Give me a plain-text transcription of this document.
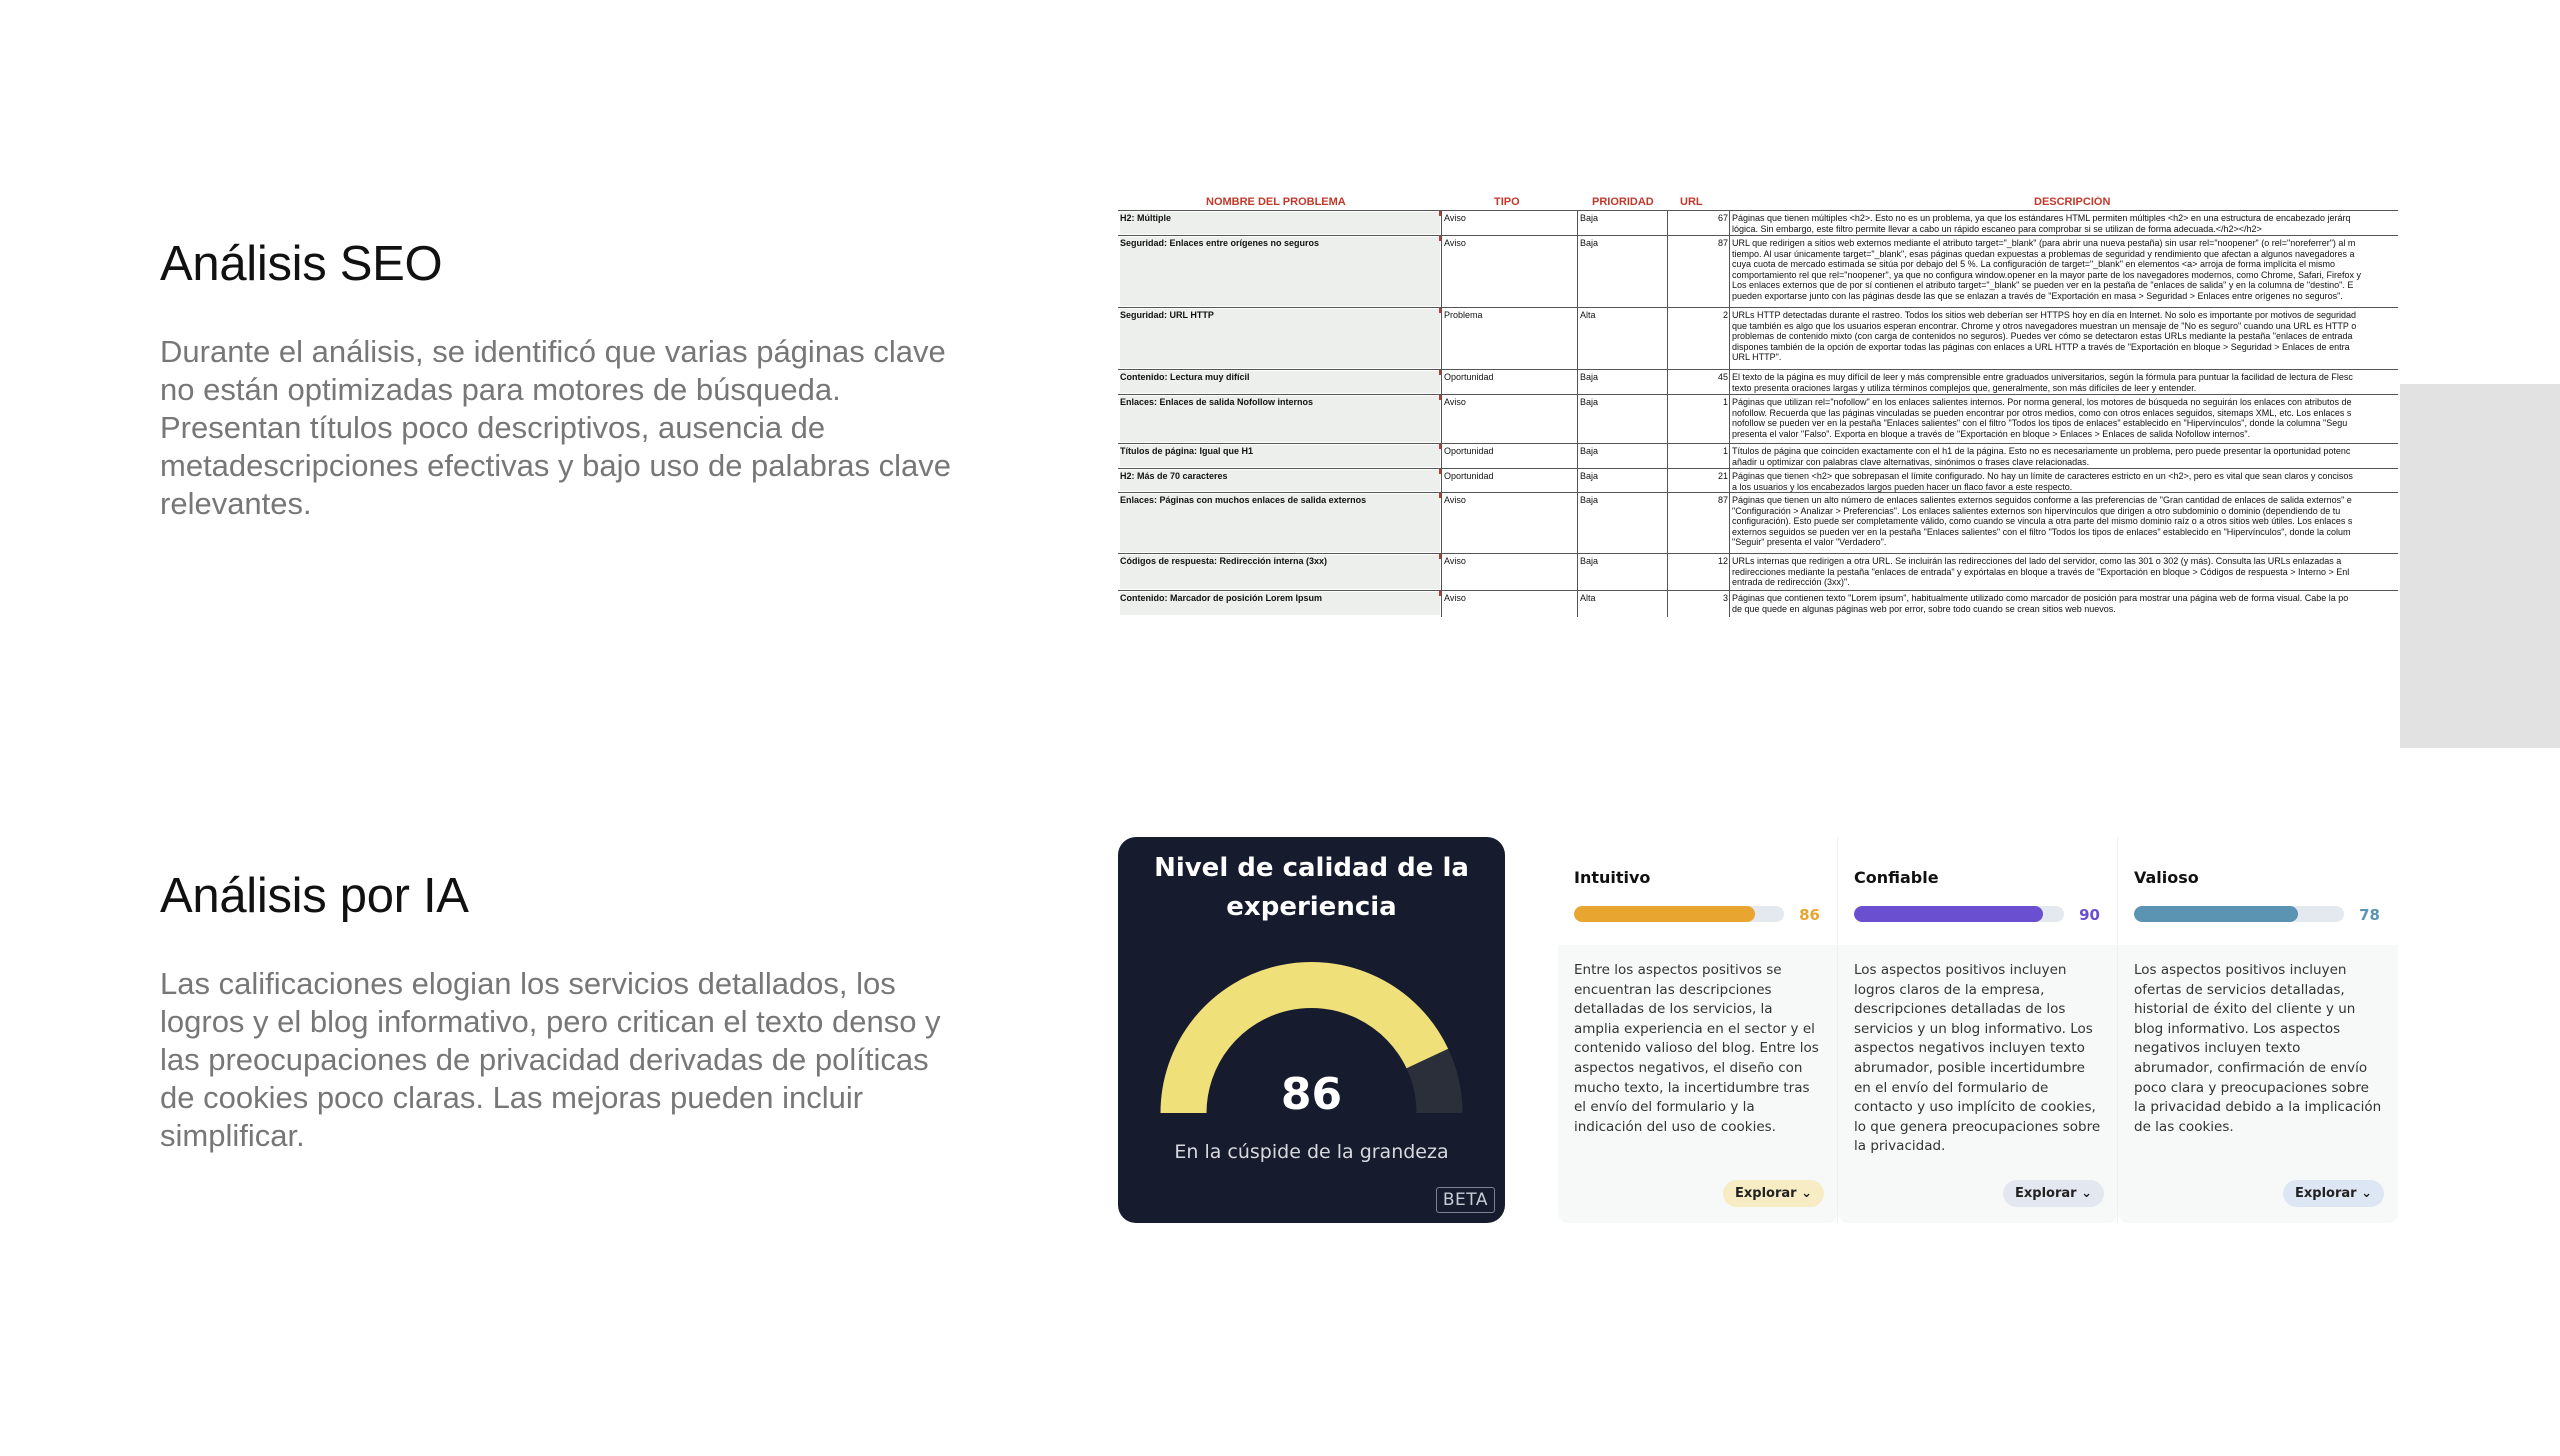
Análisis SEO

Durante el análisis, se identificó que varias páginas clave no están optimizadas para motores de búsqueda. Presentan títulos poco descriptivos, ausencia de metadescripciones efectivas y bajo uso de palabras clave relevantes.

NOMBRE DEL PROBLEMA	TIPO	PRIORIDAD URL	DESCRIPCIÓN
H2: Múltiple	Aviso	Baja	67 Páginas que tienen múltiples <h2>. Esto no es un problema, ya que los estándares HTML permiten múltiples <h2> en una estructura de encabezado jerárq
lógica. Sin embargo, este filtro permite llevar a cabo un rápido escaneo para comprobar si se utilizan de forma adecuada.</h2></h2>
Seguridad: Enlaces entre orígenes no seguros	Aviso	Baja	87 URL que redirigen a sitios web externos mediante el atributo target="_blank" (para abrir una nueva pestaña) sin usar rel="noopener" (o rel="noreferrer") al m
tiempo. Al usar únicamente target="_blank", esas páginas quedan expuestas a problemas de seguridad y rendimiento que afectan a algunos navegadores a
cuya cuota de mercado estimada se sitúa por debajo del 5 %. La configuración de target="_blank" en elementos <a> arroja de forma implícita el mismo
comportamiento rel que rel="noopener", ya que no configura window.opener en la mayor parte de los navegadores modernos, como Chrome, Safari, Firefox y
Los enlaces externos que de por sí contienen el atributo target="_blank" se pueden ver en la pestaña de "enlaces de salida" y en la columna de "destino". E
pueden exportarse junto con las páginas desde las que se enlazan a través de "Exportación en masa > Seguridad > Enlaces entre orígenes no seguros".
Seguridad: URL HTTP	Problema	Alta	2 URLs HTTP detectadas durante el rastreo. Todos los sitios web deberían ser HTTPS hoy en día en Internet. No solo es importante por motivos de seguridad
que también es algo que los usuarios esperan encontrar. Chrome y otros navegadores muestran un mensaje de "No es seguro" cuando una URL es HTTP o
problemas de contenido mixto (con carga de contenidos no seguros). Puedes ver cómo se detectaron estas URLs mediante la pestaña "enlaces de entrada
dispones también de la opción de exportar todas las páginas con enlaces a URL HTTP a través de "Exportación en bloque > Seguridad > Enlaces de entra
URL HTTP".
Contenido: Lectura muy difícil	Oportunidad	Baja	45 El texto de la página es muy difícil de leer y más comprensible entre graduados universitarios, según la fórmula para puntuar la facilidad de lectura de Flesc
texto presenta oraciones largas y utiliza términos complejos que, generalmente, son más difíciles de leer y entender.
Enlaces: Enlaces de salida Nofollow internos	Aviso	Baja	1 Páginas que utilizan rel="nofollow" en los enlaces salientes internos. Por norma general, los motores de búsqueda no seguirán los enlaces con atributos de
nofollow. Recuerda que las páginas vinculadas se pueden encontrar por otros medios, como con otros enlaces seguidos, sitemaps XML, etc. Los enlaces s
nofollow se pueden ver en la pestaña "Enlaces salientes" con el filtro "Todos los tipos de enlaces" establecido en "Hipervínculos", donde la columna "Segu
presenta el valor "Falso". Exporta en bloque a través de "Exportación en bloque > Enlaces > Enlaces de salida Nofollow internos".
Títulos de página: Igual que H1	Oportunidad	Baja	1 Títulos de página que coinciden exactamente con el h1 de la página. Esto no es necesariamente un problema, pero puede presentar la oportunidad potenc
añadir u optimizar con palabras clave alternativas, sinónimos o frases clave relacionadas.
H2: Más de 70 caracteres	Oportunidad	Baja	21 Páginas que tienen <h2> que sobrepasan el límite configurado. No hay un límite de caracteres estricto en un <h2>, pero es vital que sean claros y concisos
a los usuarios y los encabezados largos pueden hacer un flaco favor a este respecto.
Enlaces: Páginas con muchos enlaces de salida externos	Aviso	Baja	87 Páginas que tienen un alto número de enlaces salientes externos seguidos conforme a las preferencias de "Gran cantidad de enlaces de salida externos" e
"Configuración > Analizar > Preferencias". Los enlaces salientes externos son hipervínculos que dirigen a otro subdominio o dominio (dependiendo de tu
configuración). Esto puede ser completamente válido, como cuando se vincula a otra parte del mismo dominio raíz o a otros sitios web útiles. Los enlaces s
externos seguidos se pueden ver en la pestaña "Enlaces salientes" con el filtro "Todos los tipos de enlaces" establecido en "Hipervínculos", donde la colum
"Seguir" presenta el valor "Verdadero".
Códigos de respuesta: Redirección interna (3xx)	Aviso	Baja	12 URLs internas que redirigen a otra URL. Se incluirán las redirecciones del lado del servidor, como las 301 o 302 (y más). Consulta las URLs enlazadas a
redirecciones mediante la pestaña "enlaces de entrada" y expórtalas en bloque a través de "Exportación en bloque > Códigos de respuesta > Interno > Enl
entrada de redirección (3xx)".
Contenido: Marcador de posición Lorem Ipsum	Aviso	Alta	3 Páginas que contienen texto "Lorem ipsum", habitualmente utilizado como marcador de posición para mostrar una página web de forma visual. Cabe la po
de que quede en algunas páginas web por error, sobre todo cuando se crean sitios web nuevos.
Análisis por IA

Las calificaciones elogian los servicios detallados, los logros y el blog informativo, pero critican el texto denso y las preocupaciones de privacidad derivadas de políticas de cookies poco claras. Las mejoras pueden incluir simplificar.

Nivel de calidad de la experiencia
86
En la cúspide de la grandeza
BETA
Intuitivo
86
Entre los aspectos positivos se encuentran las descripciones detalladas de los servicios, la amplia experiencia en el sector y el contenido valioso del blog. Entre los aspectos negativos, el diseño con mucho texto, la incertidumbre tras el envío del formulario y la indicación del uso de cookies.
Explorar ⌄
Confiable
90
Los aspectos positivos incluyen logros claros de la empresa, descripciones detalladas de los servicios y un blog informativo. Los aspectos negativos incluyen texto abrumador, posible incertidumbre en el envío del formulario de contacto y uso implícito de cookies, lo que genera preocupaciones sobre la privacidad.
Explorar ⌄
Valioso
78
Los aspectos positivos incluyen ofertas de servicios detalladas, historial de éxito del cliente y un blog informativo. Los aspectos negativos incluyen texto abrumador, confirmación de envío poco clara y preocupaciones sobre la privacidad debido a la implicación de las cookies.
Explorar ⌄
